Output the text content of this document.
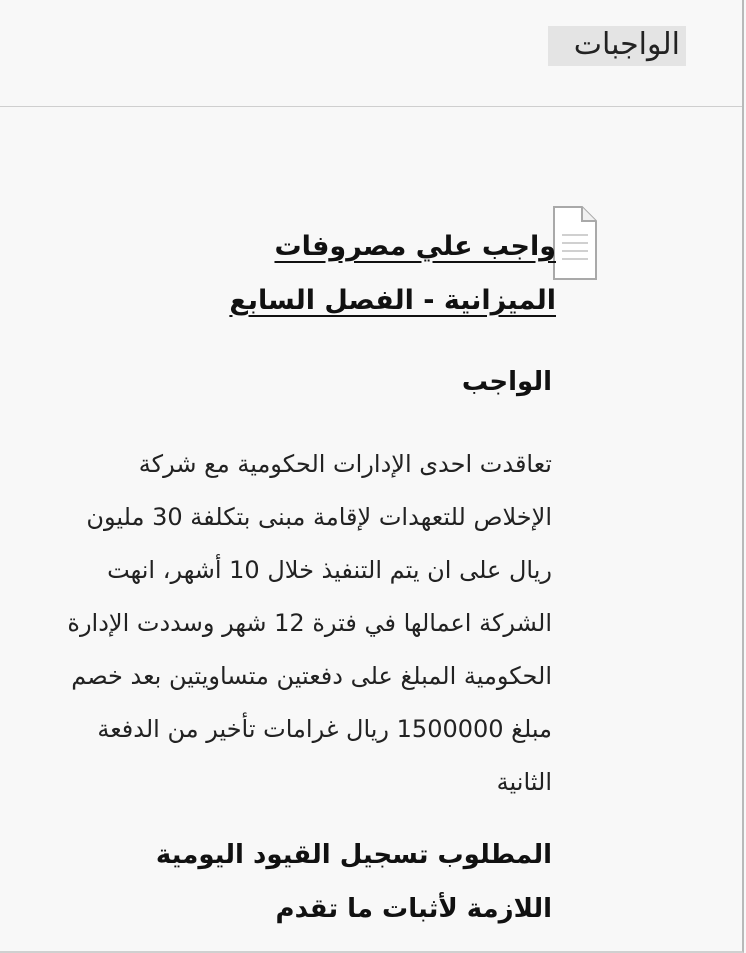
الواجبات
واجب علي مصروفات الميزانية - الفصل السابع
الواجب
تعاقدت احدى الإدارات الحكومية مع شركة الإخلاص للتعهدات لإقامة مبنى بتكلفة 30 مليون ريال على ان يتم التنفيذ خلال 10 أشهر، انهت الشركة اعمالها في فترة 12 شهر وسددت الإدارة الحكومية المبلغ على دفعتين متساويتين بعد خصم مبلغ 1500000 ريال غرامات تأخير من الدفعة الثانية
المطلوب تسجيل القيود اليومية اللازمة لأثبات ما تقدم
